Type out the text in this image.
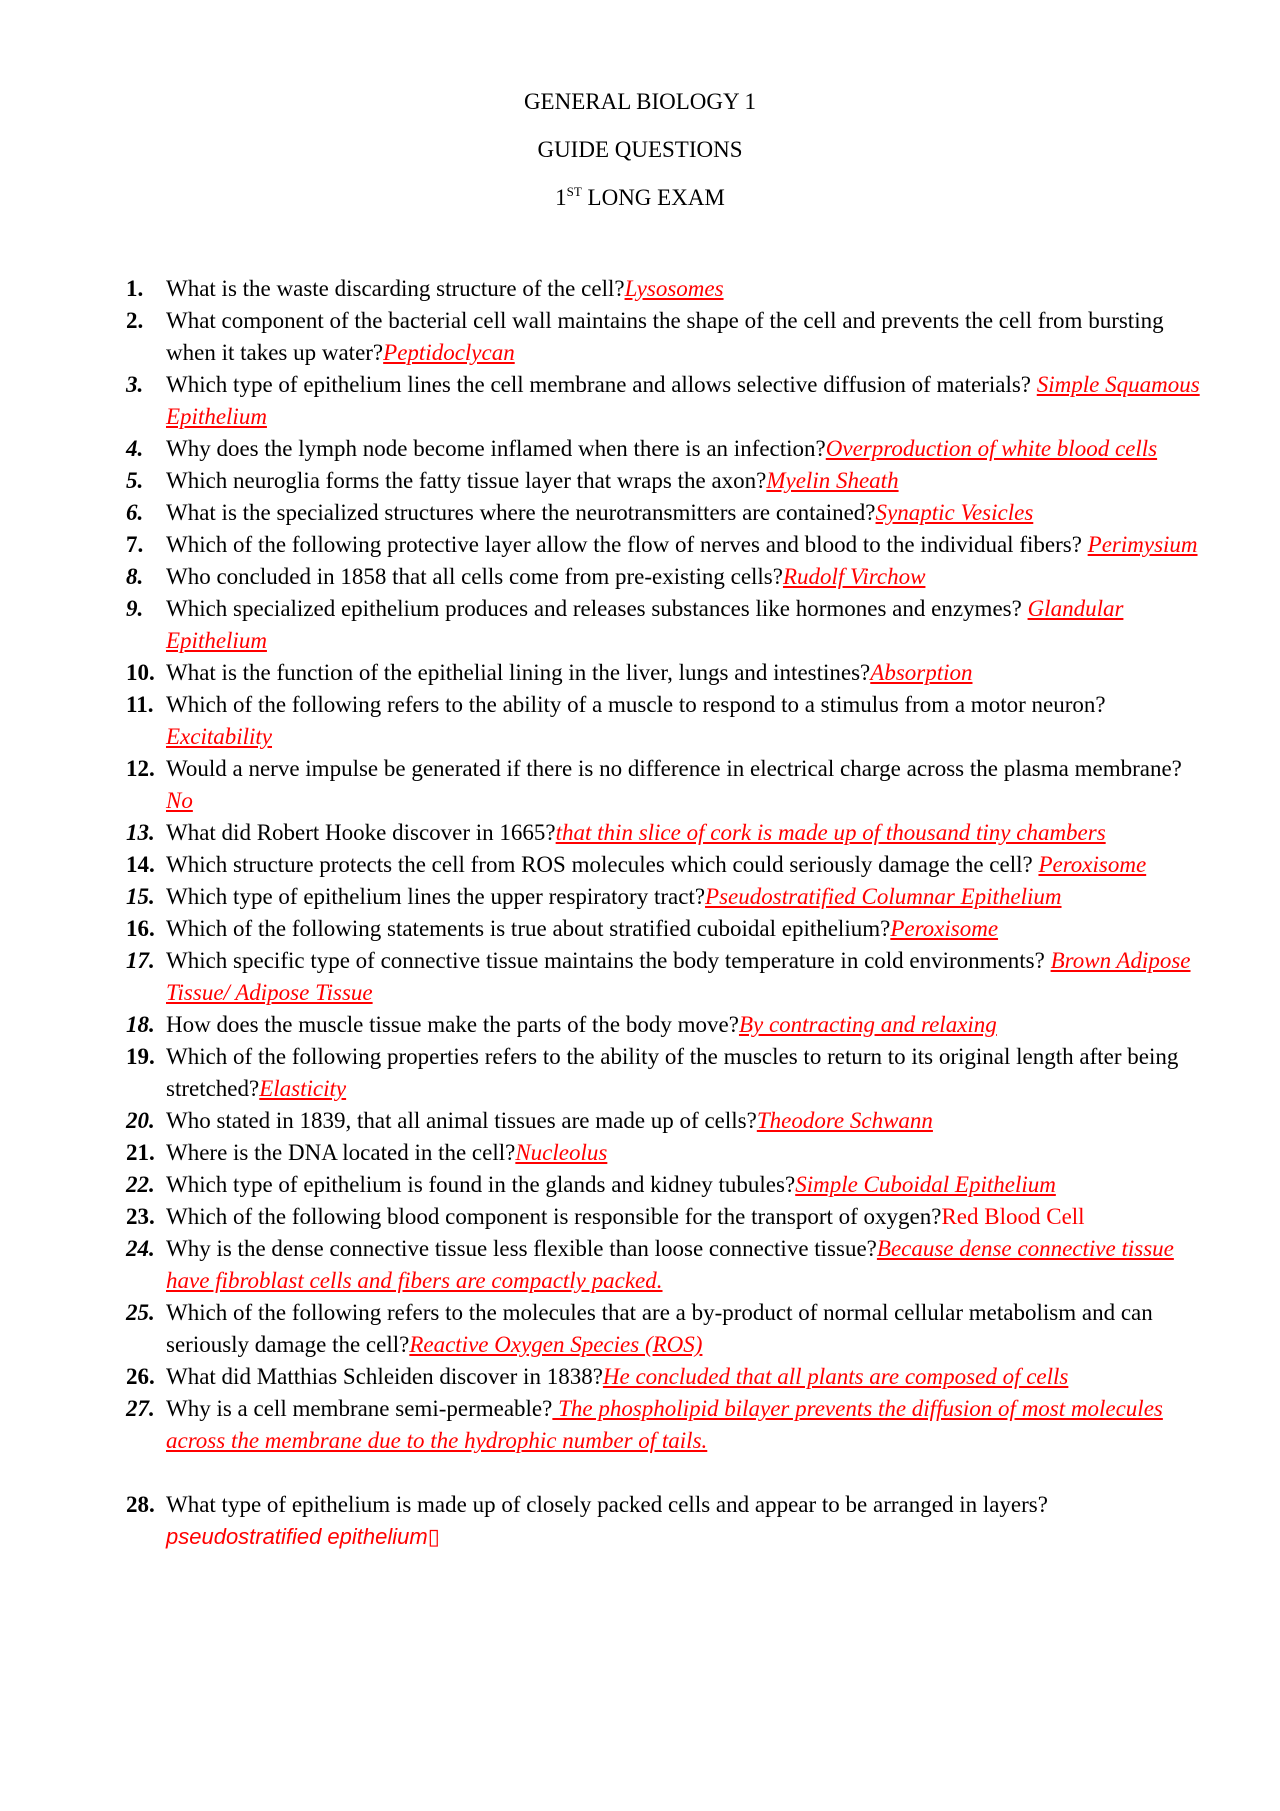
GENERAL BIOLOGY 1
GUIDE QUESTIONS
1ST LONG EXAM
1. What is the waste discarding structure of the cell?Lysosomes
2. What component of the bacterial cell wall maintains the shape of the cell and prevents the cell from bursting when it takes up water?Peptidoclycan
3. Which type of epithelium lines the cell membrane and allows selective diffusion of materials? Simple Squamous Epithelium
4. Why does the lymph node become inflamed when there is an infection?Overproduction of white blood cells
5. Which neuroglia forms the fatty tissue layer that wraps the axon?Myelin Sheath
6. What is the specialized structures where the neurotransmitters are contained?Synaptic Vesicles
7. Which of the following protective layer allow the flow of nerves and blood to the individual fibers? Perimysium
8. Who concluded in 1858 that all cells come from pre-existing cells?Rudolf Virchow
9. Which specialized epithelium produces and releases substances like hormones and enzymes? Glandular Epithelium
10. What is the function of the epithelial lining in the liver, lungs and intestines?Absorption
11. Which of the following refers to the ability of a muscle to respond to a stimulus from a motor neuron?Excitability
12. Would a nerve impulse be generated if there is no difference in electrical charge across the plasma membrane?No
13. What did Robert Hooke discover in 1665?that thin slice of cork is made up of thousand tiny chambers
14. Which structure protects the cell from ROS molecules which could seriously damage the cell? Peroxisome
15. Which type of epithelium lines the upper respiratory tract?Pseudostratified Columnar Epithelium
16. Which of the following statements is true about stratified cuboidal epithelium?Peroxisome
17. Which specific type of connective tissue maintains the body temperature in cold environments? Brown Adipose Tissue/ Adipose Tissue
18. How does the muscle tissue make the parts of the body move?By contracting and relaxing
19. Which of the following properties refers to the ability of the muscles to return to its original length after being stretched?Elasticity
20. Who stated in 1839, that all animal tissues are made up of cells?Theodore Schwann
21. Where is the DNA located in the cell?Nucleolus
22. Which type of epithelium is found in the glands and kidney tubules?Simple Cuboidal Epithelium
23. Which of the following blood component is responsible for the transport of oxygen?Red Blood Cell
24. Why is the dense connective tissue less flexible than loose connective tissue?Because dense connective tissue have fibroblast cells and fibers are compactly packed.
25. Which of the following refers to the molecules that are a by-product of normal cellular metabolism and can seriously damage the cell?Reactive Oxygen Species (ROS)
26. What did Matthias Schleiden discover in 1838?He concluded that all plants are composed of cells
27. Why is a cell membrane semi-permeable? The phospholipid bilayer prevents the diffusion of most molecules across the membrane due to the hydrophic number of tails.
28. What type of epithelium is made up of closely packed cells and appear to be arranged in layers? pseudostratified epithelium▯
